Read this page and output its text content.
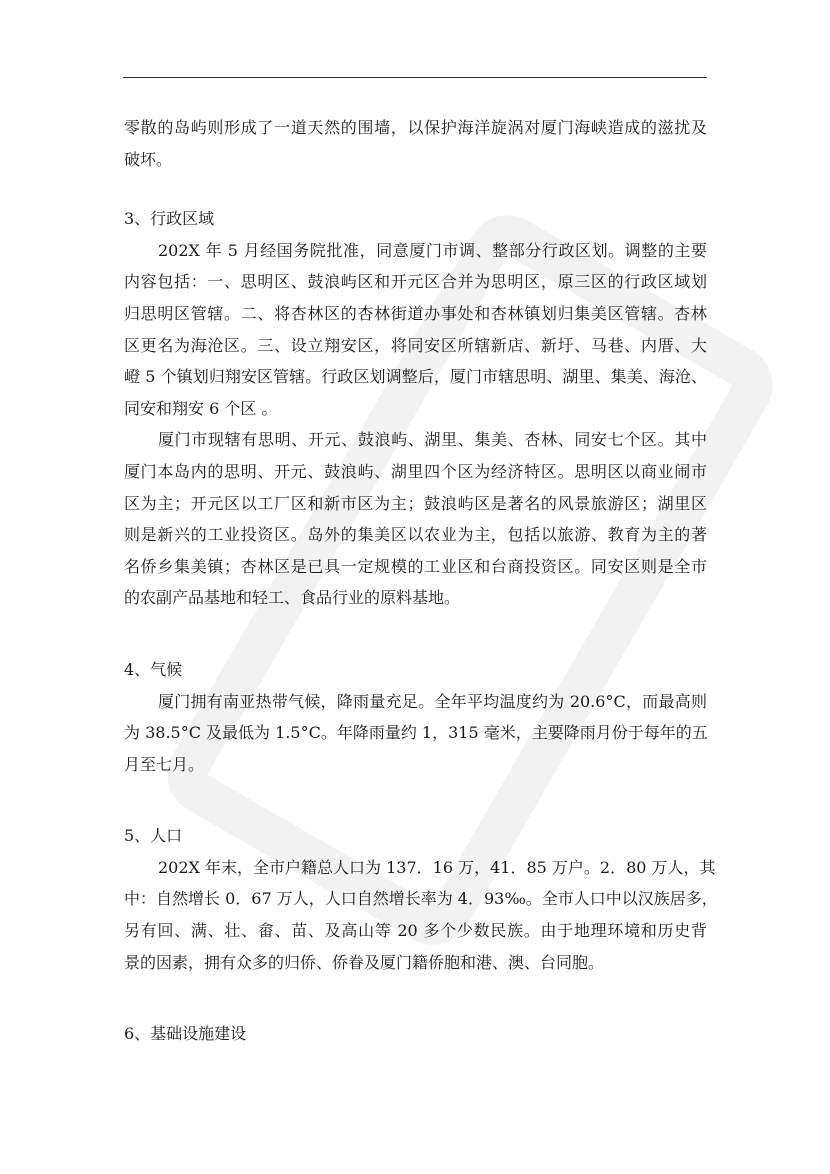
零散的岛屿则形成了一道天然的围墙，以保护海洋旋涡对厦门海峡造成的滋扰及
破坏。
3、行政区域
202X 年 5 月经国务院批准，同意厦门市调、整部分行政区划。调整的主要
内容包括：一、思明区、鼓浪屿区和开元区合并为思明区，原三区的行政区域划
归思明区管辖。二、将杏林区的杏林街道办事处和杏林镇划归集美区管辖。杏林
区更名为海沧区。三、设立翔安区，将同安区所辖新店、新圩、马巷、内厝、大
嶝 5 个镇划归翔安区管辖。行政区划调整后，厦门市辖思明、湖里、集美、海沧、
同安和翔安 6 个区 。
厦门市现辖有思明、开元、鼓浪屿、湖里、集美、杏林、同安七个区。其中
厦门本岛内的思明、开元、鼓浪屿、湖里四个区为经济特区。思明区以商业闹市
区为主；开元区以工厂区和新市区为主；鼓浪屿区是著名的风景旅游区；湖里区
则是新兴的工业投资区。岛外的集美区以农业为主，包括以旅游、教育为主的著
名侨乡集美镇；杏林区是已具一定规模的工业区和台商投资区。同安区则是全市
的农副产品基地和轻工、食品行业的原料基地。
4、气候
厦门拥有南亚热带气候，降雨量充足。全年平均温度约为 20.6°C，而最高则
为 38.5°C 及最低为 1.5°C。年降雨量约 1，315 毫米，主要降雨月份于每年的五
月至七月。
5、人口
202X 年末，全市户籍总人口为 137．16 万，41．85 万户。2．80 万人，其
中：自然增长 0．67 万人，人口自然增长率为 4．93‰。全市人口中以汉族居多，
另有回、满、壮、畲、苗、及高山等 20 多个少数民族。由于地理环境和历史背
景的因素，拥有众多的归侨、侨眷及厦门籍侨胞和港、澳、台同胞。
6、基础设施建设
